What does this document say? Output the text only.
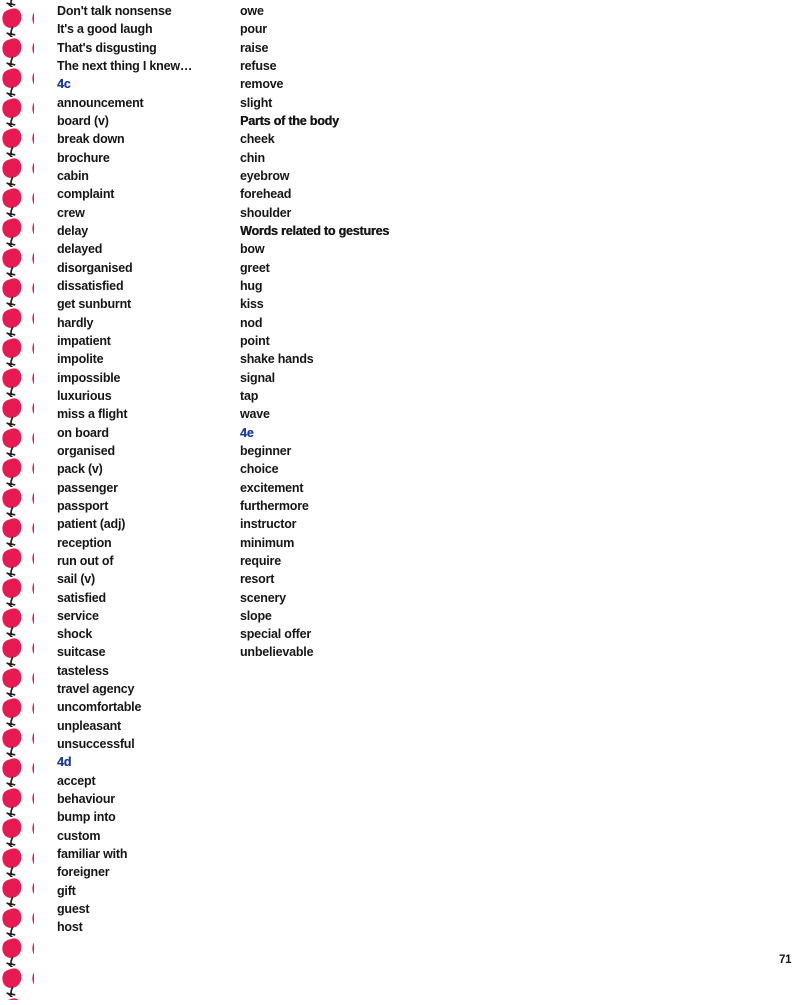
Don't talk nonsense
It's a good laugh
That's disgusting
The next thing I knew…
4c
announcement
board (v)
break down
brochure
cabin
complaint
crew
delay
delayed
disorganised
dissatisfied
get sunburnt
hardly
impatient
impolite
impossible
luxurious
miss a flight
on board
organised
pack (v)
passenger
passport
patient (adj)
reception
run out of
sail (v)
satisfied
service
shock
suitcase
tasteless
travel agency
uncomfortable
unpleasant
unsuccessful
4d
accept
behaviour
bump into
custom
familiar with
foreigner
gift
guest
host
owe
pour
raise
refuse
remove
slight
Parts of the body
cheek
chin
eyebrow
forehead
shoulder
Words related to gestures
bow
greet
hug
kiss
nod
point
shake hands
signal
tap
wave
4e
beginner
choice
excitement
furthermore
instructor
minimum
require
resort
scenery
slope
special offer
unbelievable
71
